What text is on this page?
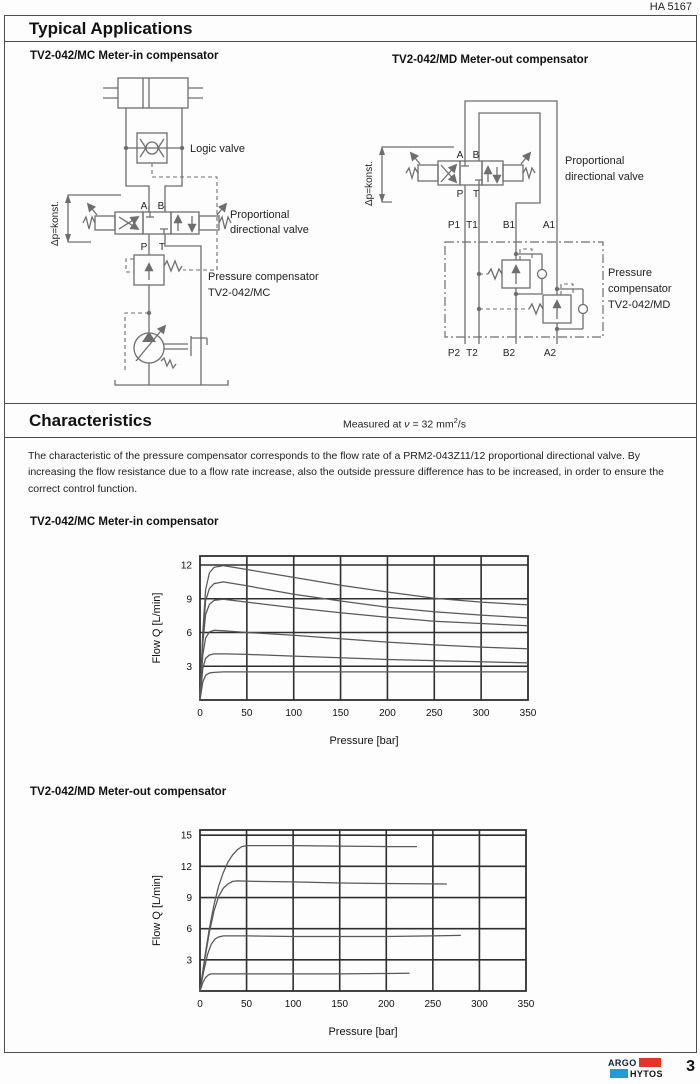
HA 5167
Typical Applications
TV2-042/MC Meter-in compensator	TV2-042/MD Meter-out compensator
Logic valve
Δp=konst.	A B
P T
Proportional
directional valve
Pressure compensator
TV2-042/MC
A B
P T
Δp=konst.
Proportional
directional valve
P1 T1	B1	A1
P2 T2	B2	A2
Pressure
compensator
TV2-042/MD
Characteristics	Measured at ν = 32 $mm^2/s$
The characteristic of the pressure compensator corresponds to the flow rate of a PRM2-043Z11/12 proportional directional valve. By increasing the flow resistance due to a flow rate increase, also the outside pressure difference has to be increased, in order to ensure the correct control function.
TV2-042/MC Meter-in compensator
0	50	100	150	200	250	300	350
3
6
9
12
Flow Q [L/min]
Pressure [bar]
TV2-042/MD Meter-out compensator
0	50	100	150	200	250	300	350
3
6
9
12
15
Flow Q [L/min]
Pressure [bar]
ARGO
HYTOS 3
